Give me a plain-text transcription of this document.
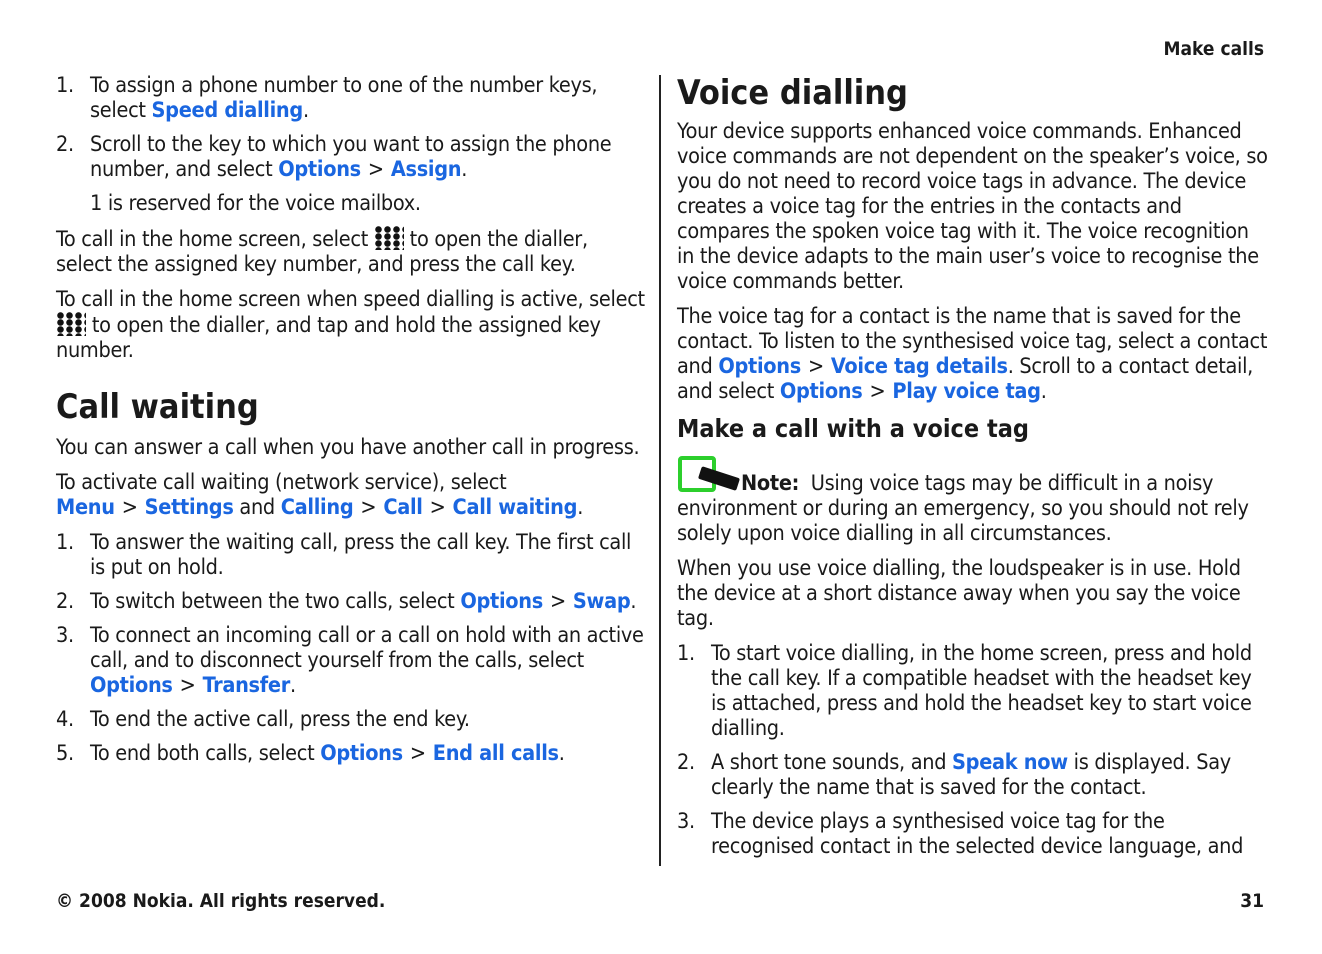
Make calls
1. To assign a phone number to one of the number keys, select Speed dialling.
2. Scroll to the key to which you want to assign the phone number, and select Options > Assign.

1 is reserved for the voice mailbox.

To call in the home screen, select  to open the dialler, select the assigned key number, and press the call key.

To call in the home screen when speed dialling is active, select  to open the dialler, and tap and hold the assigned key number.

Call waiting

You can answer a call when you have another call in progress.

To activate call waiting (network service), select Menu > Settings and Calling > Call > Call waiting.

1. To answer the waiting call, press the call key. The first call is put on hold.
2. To switch between the two calls, select Options > Swap.
3. To connect an incoming call or a call on hold with an active call, and to disconnect yourself from the calls, select Options > Transfer.
4. To end the active call, press the end key.
5. To end both calls, select Options > End all calls.
Voice dialling

Your device supports enhanced voice commands. Enhanced voice commands are not dependent on the speaker’s voice, so you do not need to record voice tags in advance. The device creates a voice tag for the entries in the contacts and compares the spoken voice tag with it. The voice recognition in the device adapts to the main user’s voice to recognise the voice commands better.

The voice tag for a contact is the name that is saved for the contact. To listen to the synthesised voice tag, select a contact and Options > Voice tag details. Scroll to a contact detail, and select Options > Play voice tag.

Make a call with a voice tag

Note: Using voice tags may be difficult in a noisy environment or during an emergency, so you should not rely solely upon voice dialling in all circumstances.

When you use voice dialling, the loudspeaker is in use. Hold the device at a short distance away when you say the voice tag.

1. To start voice dialling, in the home screen, press and hold the call key. If a compatible headset with the headset key is attached, press and hold the headset key to start voice dialling.
2. A short tone sounds, and Speak now is displayed. Say clearly the name that is saved for the contact.
3. The device plays a synthesised voice tag for the recognised contact in the selected device language, and
© 2008 Nokia. All rights reserved.	31
